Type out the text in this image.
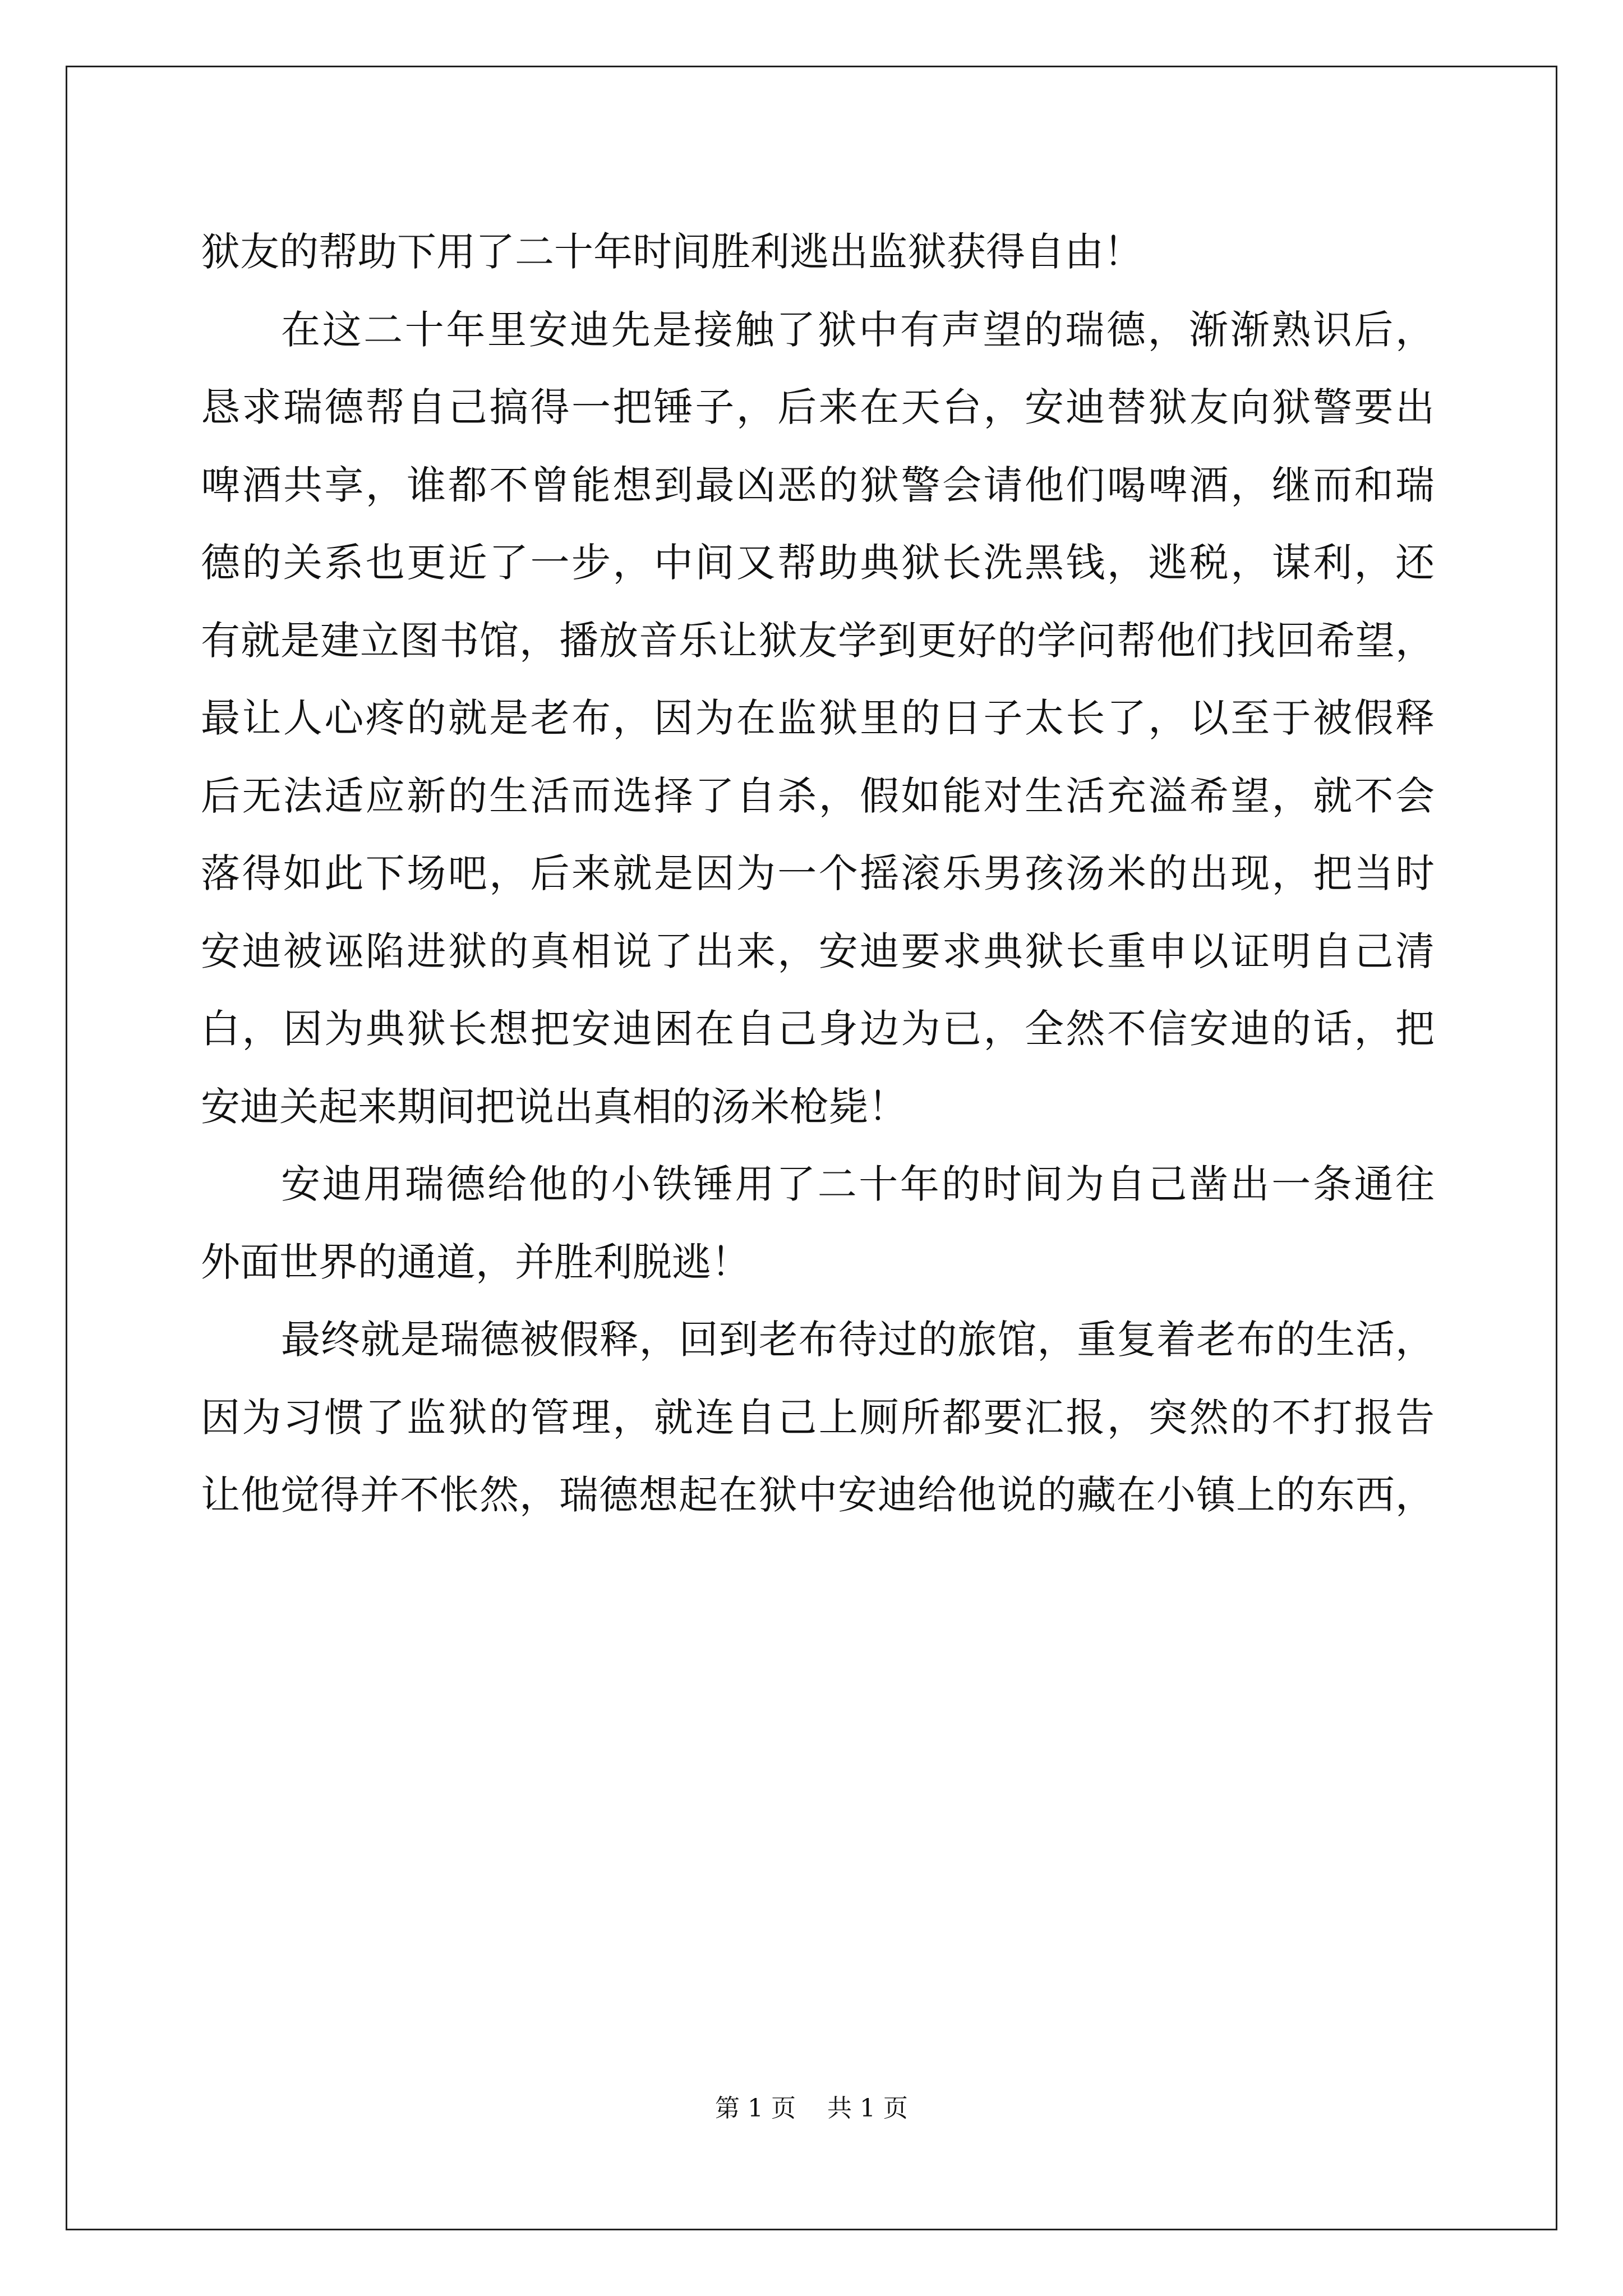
狱友的帮助下用了二十年时间胜利逃出监狱获得自由！
在这二十年里安迪先是接触了狱中有声望的瑞德，渐渐熟识后，
恳求瑞德帮自己搞得一把锤子，后来在天台，安迪替狱友向狱警要出
啤酒共享，谁都不曾能想到最凶恶的狱警会请他们喝啤酒，继而和瑞
德的关系也更近了一步，中间又帮助典狱长洗黑钱，逃税，谋利，还
有就是建立图书馆，播放音乐让狱友学到更好的学问帮他们找回希望，
最让人心疼的就是老布，因为在监狱里的日子太长了，以至于被假释
后无法适应新的生活而选择了自杀，假如能对生活充溢希望，就不会
落得如此下场吧，后来就是因为一个摇滚乐男孩汤米的出现，把当时
安迪被诬陷进狱的真相说了出来，安迪要求典狱长重申以证明自己清
白，因为典狱长想把安迪困在自己身边为已，全然不信安迪的话，把
安迪关起来期间把说出真相的汤米枪毙！
安迪用瑞德给他的小铁锤用了二十年的时间为自己凿出一条通往
外面世界的通道，并胜利脱逃！
最终就是瑞德被假释，回到老布待过的旅馆，重复着老布的生活，
因为习惯了监狱的管理，就连自己上厕所都要汇报，突然的不打报告
让他觉得并不怅然，瑞德想起在狱中安迪给他说的藏在小镇上的东西，
第 1 页 共 1 页
